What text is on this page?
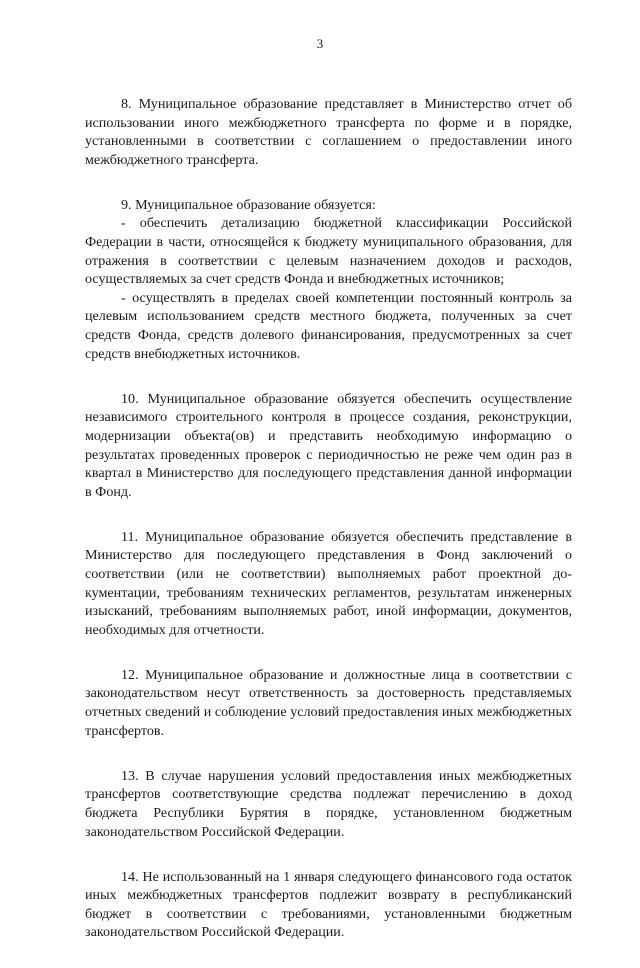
3

8. Муниципальное образование представляет в Министерство отчет об использовании иного межбюджетного трансферта по форме и в порядке, установленными в соответствии с соглашением о предоставлении иного межбюджетного трансферта.

9. Муниципальное образование обязуется:

- обеспечить детализацию бюджетной классификации Российской Федерации в части, относящейся к бюджету муниципального образования, для отражения в соответствии с целевым назначением доходов и расходов, осуществляемых за счет средств Фонда и внебюджетных источников;

- осуществлять в пределах своей компетенции постоянный контроль за целевым использованием средств местного бюджета, полученных за счет средств Фонда, средств долевого финансирования, предусмотренных за счет средств внебюджетных источников.

10. Муниципальное образование обязуется обеспечить осуществление независимого строительного контроля в процессе создания, реконструкции, модернизации объекта(ов) и представить необходимую информацию о результатах проведенных проверок с периодичностью не реже чем один раз в квартал в Министерство для последующего представления данной информации в Фонд.

11. Муниципальное образование обязуется обеспечить представление в Министерство для последующего представления в Фонд заключений о соответствии (или не соответствии) выполняемых работ проектной документации, требованиям технических регламентов, результатам инженерных изысканий, требованиям выполняемых работ, иной информации, документов, необходимых для отчетности.

12. Муниципальное образование и должностные лица в соответствии с законодательством несут ответственность за достоверность представляемых отчетных сведений и соблюдение условий предоставления иных межбюджетных трансфертов.

13. В случае нарушения условий предоставления иных межбюджетных трансфертов соответствующие средства подлежат перечислению в доход бюджета Республики Бурятия в порядке, установленном бюджетным законодательством Российской Федерации.

14. Не использованный на 1 января следующего финансового года остаток иных межбюджетных трансфертов подлежит возврату в республиканский бюджет в соответствии с требованиями, установленными бюджетным законодательством Российской Федерации.
